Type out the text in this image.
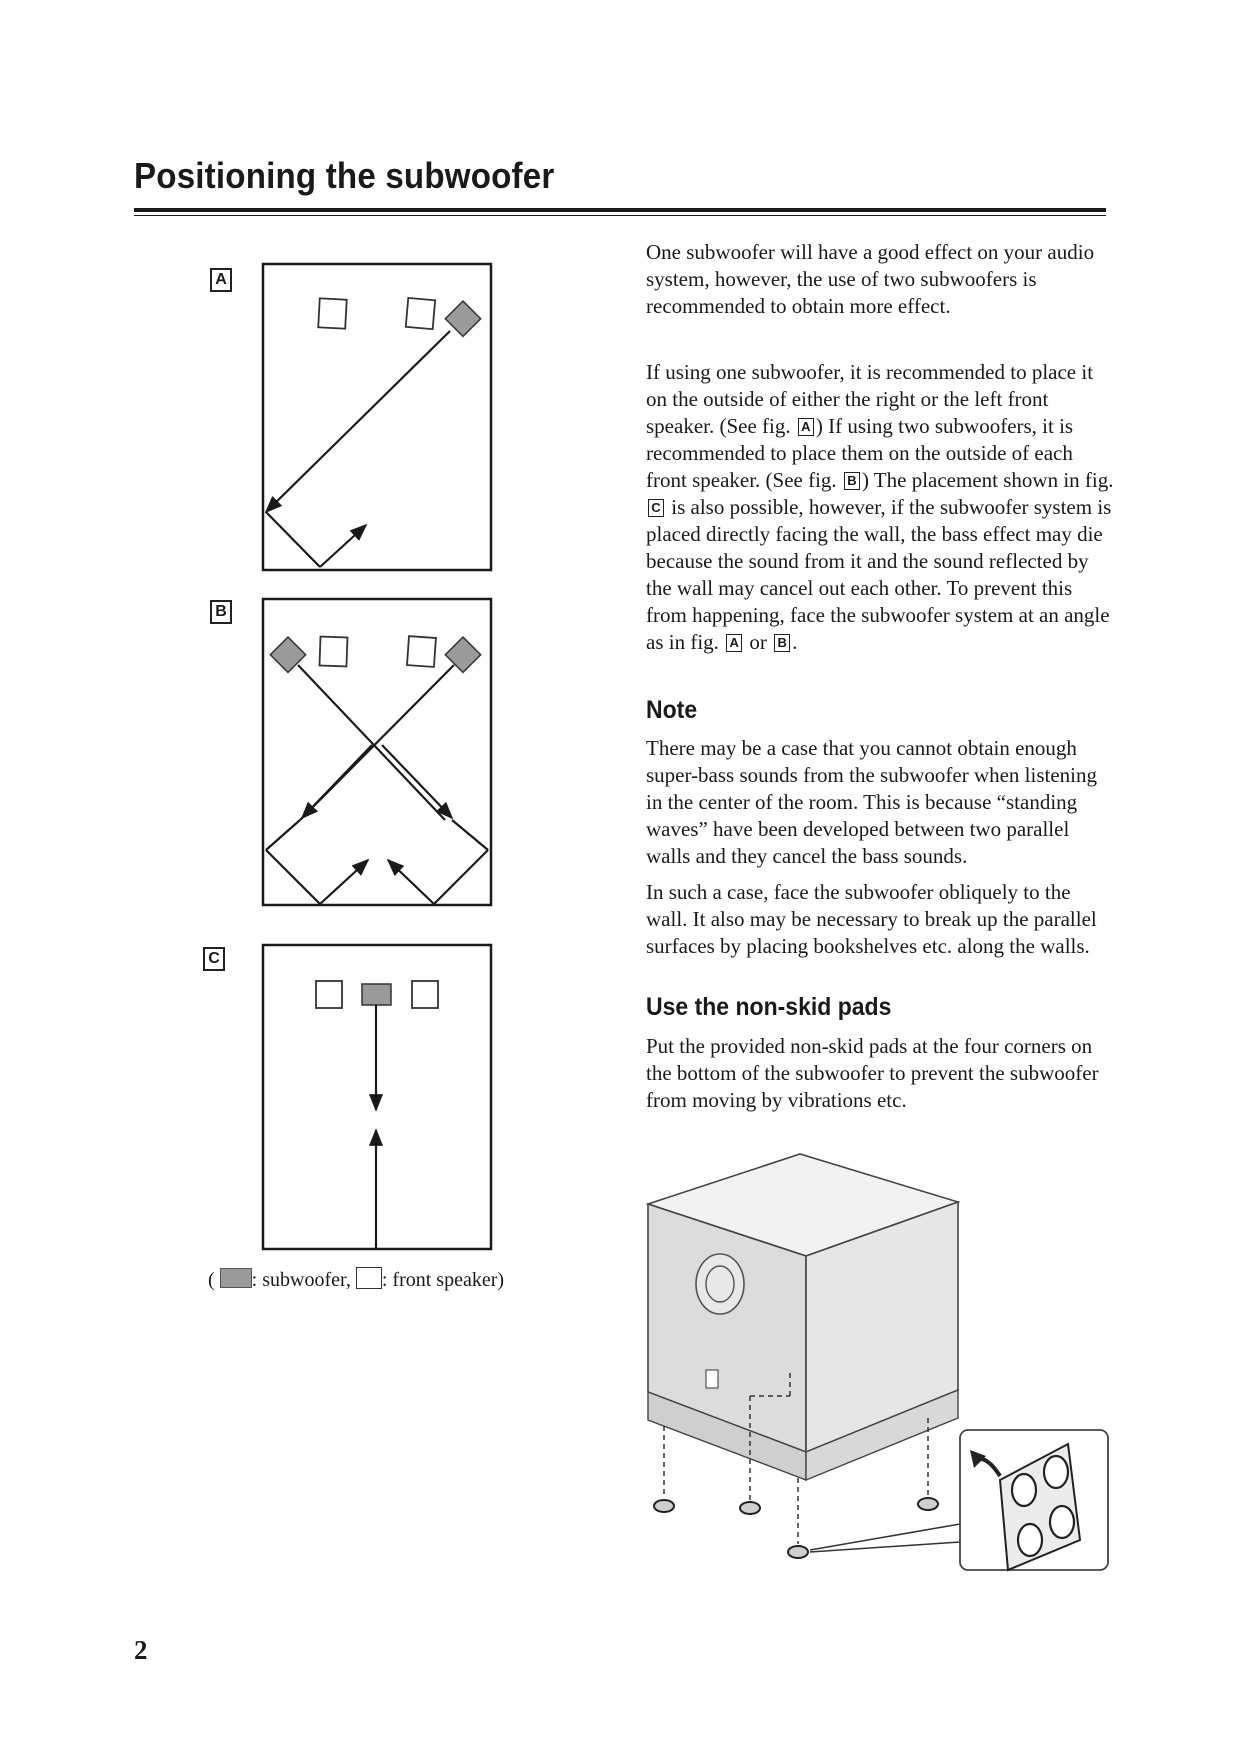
Positioning the subwoofer
A
B
C
( : subwoofer, : front speaker)

One subwoofer will have a good effect on your audio system, however, the use of two subwoofers is recommended to obtain more effect.

If using one subwoofer, it is recommended to place it on the outside of either the right or the left front speaker. (See fig. A ) If using two subwoofers, it is recommended to place them on the outside of each front speaker. (See fig. B ) The placement shown in fig. C is also possible, however, if the subwoofer system is placed directly facing the wall, the bass effect may die because the sound from it and the sound reflected by the wall may cancel out each other. To prevent this from happening, face the subwoofer system at an angle as in fig. A or B .

Note

There may be a case that you cannot obtain enough super-bass sounds from the subwoofer when listening in the center of the room. This is because “standing waves” have been developed between two parallel walls and they cancel the bass sounds.

In such a case, face the subwoofer obliquely to the wall. It also may be necessary to break up the parallel surfaces by placing bookshelves etc. along the walls.

Use the non-skid pads

Put the provided non-skid pads at the four corners on the bottom of the subwoofer to prevent the subwoofer from moving by vibrations etc.

2
